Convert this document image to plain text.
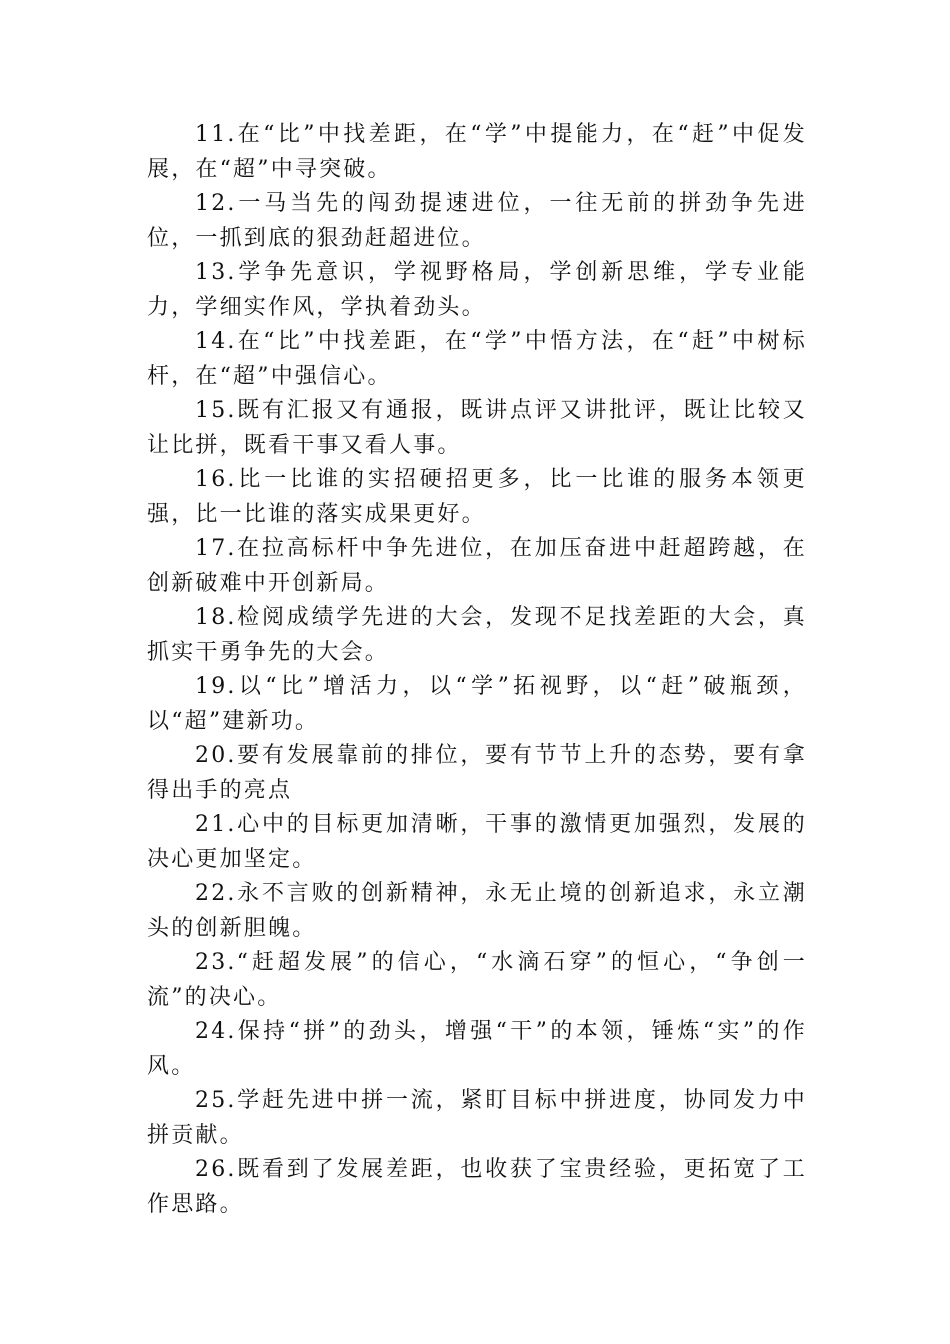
11.在“比”中找差距，在“学”中提能力，在“赶”中促发展，在“超”中寻突破。

12.一马当先的闯劲提速进位，一往无前的拼劲争先进位，一抓到底的狠劲赶超进位。

13.学争先意识，学视野格局，学创新思维，学专业能力，学细实作风，学执着劲头。

14.在“比”中找差距，在“学”中悟方法，在“赶”中树标杆，在“超”中强信心。

15.既有汇报又有通报，既讲点评又讲批评，既让比较又让比拼，既看干事又看人事。

16.比一比谁的实招硬招更多，比一比谁的服务本领更强，比一比谁的落实成果更好。

17.在拉高标杆中争先进位，在加压奋进中赶超跨越，在创新破难中开创新局。

18.检阅成绩学先进的大会，发现不足找差距的大会，真抓实干勇争先的大会。

19.以“比”增活力，以“学”拓视野，以“赶”破瓶颈，以“超”建新功。

20.要有发展靠前的排位，要有节节上升的态势，要有拿得出手的亮点

21.心中的目标更加清晰，干事的激情更加强烈，发展的决心更加坚定。

22.永不言败的创新精神，永无止境的创新追求，永立潮头的创新胆魄。

23.“赶超发展”的信心，“水滴石穿”的恒心，“争创一流”的决心。

24.保持“拼”的劲头，增强“干”的本领，锤炼“实”的作风。

25.学赶先进中拼一流，紧盯目标中拼进度，协同发力中拼贡献。

26.既看到了发展差距，也收获了宝贵经验，更拓宽了工作思路。
